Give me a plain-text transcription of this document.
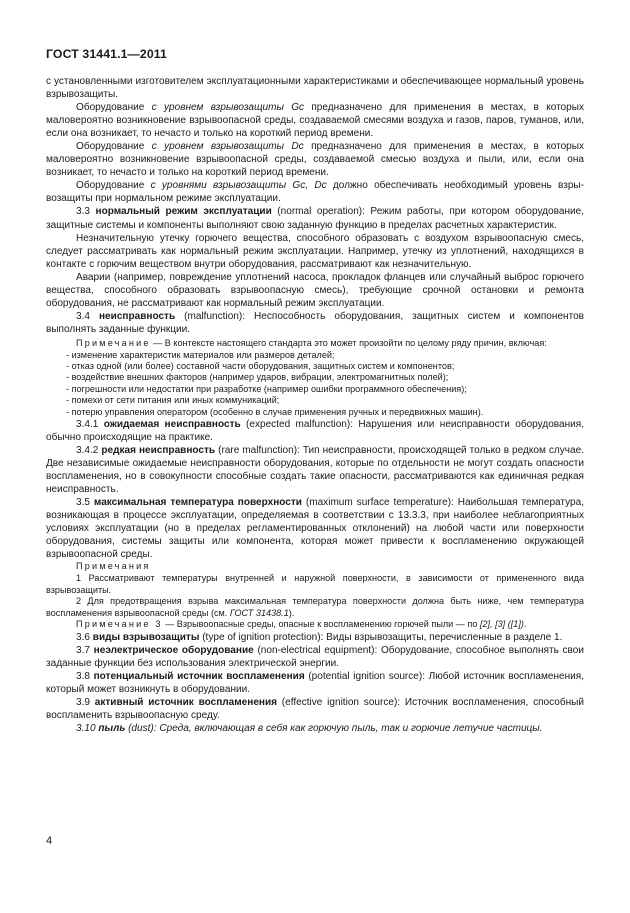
ГОСТ 31441.1—2011

с установленными изготовителем эксплуатационными характеристиками и обеспечивающее нормальный уровень взрывозащиты.

Оборудование с уровнем взрывозащиты Gc предназначено для применения в местах, в которых маловероятно возникновение взрывоопасной среды, создаваемой смесями воздуха и газов, паров, туманов, или, если она возникает, то нечасто и только на короткий период времени.

Оборудование с уровнем взрывозащиты Dc предназначено для применения в местах, в которых маловероятно возникновение взрывоопасной среды, создаваемой смесью воздуха и пыли, или, если она возникает, то нечасто и только на короткий период времени.

Оборудование с уровнями взрывозащиты Gc, Dc должно обеспечивать необходимый уровень взрывозащиты при нормальном режиме эксплуатации.

3.3 нормальный режим эксплуатации (normal operation): Режим работы, при котором оборудование, защитные системы и компоненты выполняют свою заданную функцию в пределах расчетных характеристик.

Незначительную утечку горючего вещества, способного образовать с воздухом взрывоопасную смесь, следует рассматривать как нормальный режим эксплуатации. Например, утечку из уплотнений, находящихся в контакте с горючим веществом внутри оборудования, рассматривают как незначительную.

Аварии (например, повреждение уплотнений насоса, прокладок фланцев или случайный выброс горючего вещества, способного образовать взрывоопасную смесь), требующие срочной остановки и ремонта оборудования, не рассматривают как нормальный режим эксплуатации.

3.4 неисправность (malfunction): Неспособность оборудования, защитных систем и компонентов выполнять заданные функции.

Примечание — В контексте настоящего стандарта это может произойти по целому ряду причин, включая:

- изменение характеристик материалов или размеров деталей;
- отказ одной (или более) составной части оборудования, защитных систем и компонентов;
- воздействие внешних факторов (например ударов, вибрации, электромагнитных полей);
- погрешности или недостатки при разработке (например ошибки программного обеспечения);
- помехи от сети питания или иных коммуникаций;
- потерю управления оператором (особенно в случае применения ручных и передвижных машин).

3.4.1 ожидаемая неисправность (expected malfunction): Нарушения или неисправности оборудования, обычно происходящие на практике.

3.4.2 редкая неисправность (rare malfunction): Тип неисправности, происходящей только в редком случае. Две независимые ожидаемые неисправности оборудования, которые по отдельности не могут создать опасности воспламенения, но в совокупности способные создать такие опасности, рассматриваются как единичная редкая неисправность.

3.5 максимальная температура поверхности (maximum surface temperature): Наибольшая температура, возникающая в процессе эксплуатации, определяемая в соответствии с 13.3.3, при наиболее неблагоприятных условиях эксплуатации (но в пределах регламентированных отклонений) на любой части или поверхности оборудования, системы защиты или компонента, которая может привести к воспламенению окружающей взрывоопасной среды.

Примечания

1 Рассматривают температуры внутренней и наружной поверхности, в зависимости от примененного вида взрывозащиты.

2 Для предотвращения взрыва максимальная температура поверхности должна быть ниже, чем температура воспламенения взрывоопасной среды (см. ГОСТ 31438.1).

Примечание 3 — Взрывоопасные среды, опасные к воспламенению горючей пыли — по [2], [3] ([1]).

3.6 виды взрывозащиты (type of ignition protection): Виды взрывозащиты, перечисленные в разделе 1.

3.7 неэлектрическое оборудование (non-electrical equipment): Оборудование, способное выполнять свои заданные функции без использования электрической энергии.

3.8 потенциальный источник воспламенения (potential ignition source): Любой источник воспламенения, который может возникнуть в оборудовании.

3.9 активный источник воспламенения (effective ignition source): Источник воспламенения, способный воспламенить взрывоопасную среду.

3.10 пыль (dust): Среда, включающая в себя как горючую пыль, так и горючие летучие частицы.

4
